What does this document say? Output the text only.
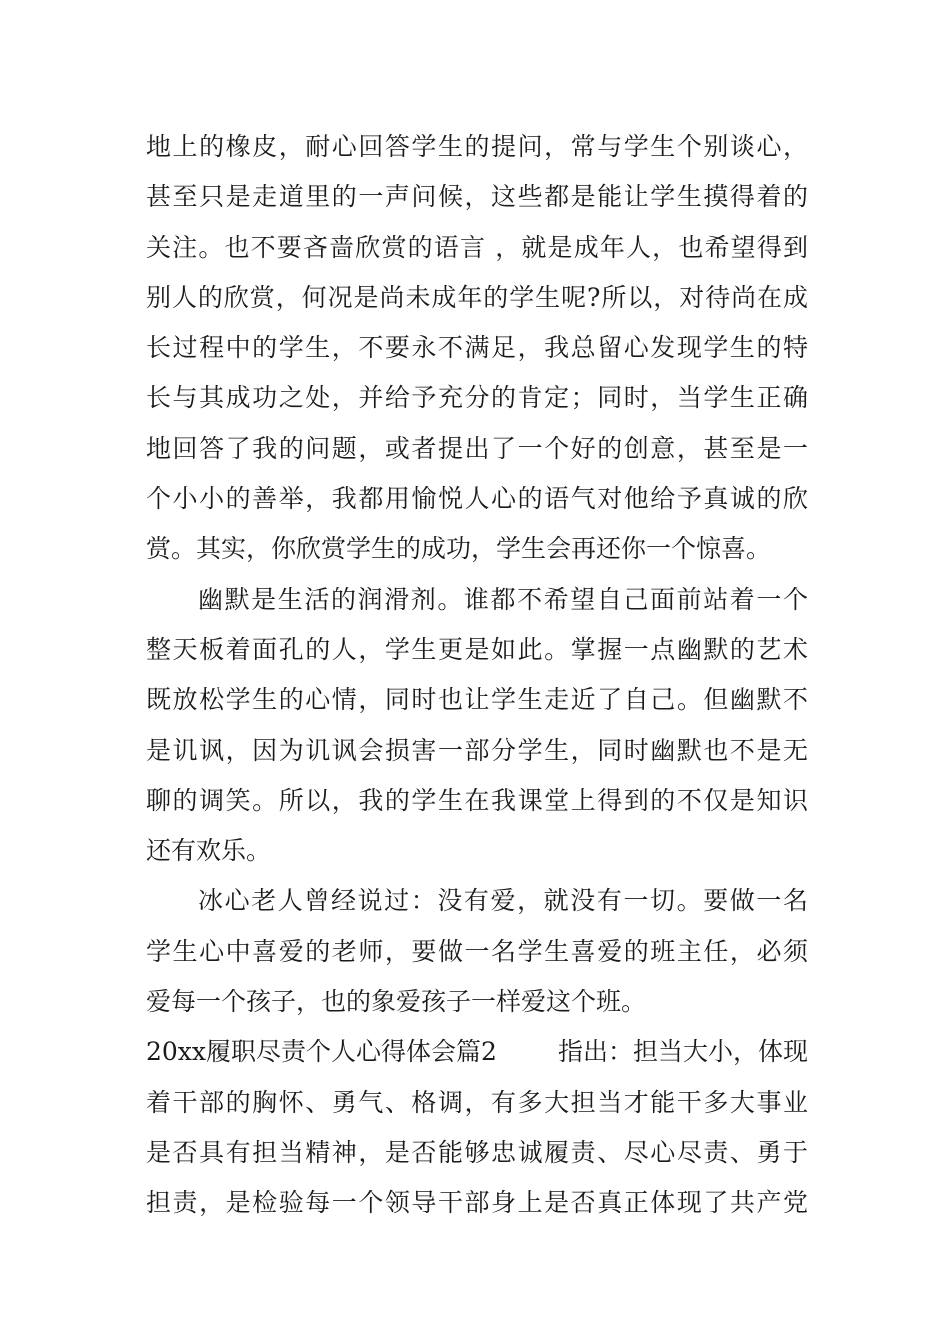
地上的橡皮，耐心回答学生的提问，常与学生个别谈心，
甚至只是走道里的一声问候，这些都是能让学生摸得着的
关注。也不要吝啬欣赏的语言 ，就是成年人，也希望得到
别人的欣赏，何况是尚未成年的学生呢?所以，对待尚在成
长过程中的学生，不要永不满足，我总留心发现学生的特
长与其成功之处，并给予充分的肯定；同时，当学生正确
地回答了我的问题，或者提出了一个好的创意，甚至是一
个小小的善举，我都用愉悦人心的语气对他给予真诚的欣
赏。其实，你欣赏学生的成功，学生会再还你一个惊喜。
幽默是生活的润滑剂。谁都不希望自己面前站着一个
整天板着面孔的人，学生更是如此。掌握一点幽默的艺术
既放松学生的心情，同时也让学生走近了自己。但幽默不
是讥讽，因为讥讽会损害一部分学生，同时幽默也不是无
聊的调笑。所以，我的学生在我课堂上得到的不仅是知识
还有欢乐。
冰心老人曾经说过：没有爱，就没有一切。要做一名
学生心中喜爱的老师，要做一名学生喜爱的班主任，必须
爱每一个孩子，也的象爱孩子一样爱这个班。
20xx履职尽责个人心得体会篇2 指出：担当大小，体现
着干部的胸怀、勇气、格调，有多大担当才能干多大事业
是否具有担当精神，是否能够忠诚履责、尽心尽责、勇于
担责，是检验每一个领导干部身上是否真正体现了共产党
